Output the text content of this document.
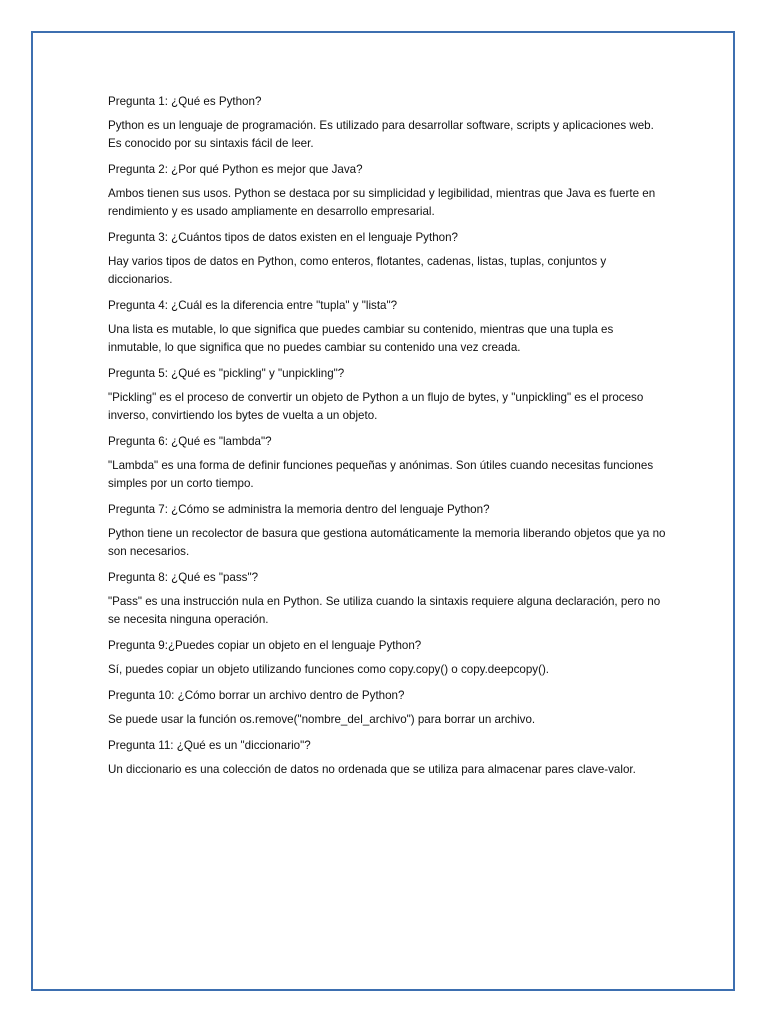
Pregunta 1: ¿Qué es Python?

Python es un lenguaje de programación. Es utilizado para desarrollar software, scripts y aplicaciones web. Es conocido por su sintaxis fácil de leer.

Pregunta 2: ¿Por qué Python es mejor que Java?

Ambos tienen sus usos. Python se destaca por su simplicidad y legibilidad, mientras que Java es fuerte en rendimiento y es usado ampliamente en desarrollo empresarial.

Pregunta 3: ¿Cuántos tipos de datos existen en el lenguaje Python?

Hay varios tipos de datos en Python, como enteros, flotantes, cadenas, listas, tuplas, conjuntos y diccionarios.

Pregunta 4: ¿Cuál es la diferencia entre "tupla" y "lista"?

Una lista es mutable, lo que significa que puedes cambiar su contenido, mientras que una tupla es inmutable, lo que significa que no puedes cambiar su contenido una vez creada.

Pregunta 5: ¿Qué es "pickling" y "unpickling"?

"Pickling" es el proceso de convertir un objeto de Python a un flujo de bytes, y "unpickling" es el proceso inverso, convirtiendo los bytes de vuelta a un objeto.

Pregunta 6: ¿Qué es "lambda"?

"Lambda" es una forma de definir funciones pequeñas y anónimas. Son útiles cuando necesitas funciones simples por un corto tiempo.

Pregunta 7: ¿Cómo se administra la memoria dentro del lenguaje Python?

Python tiene un recolector de basura que gestiona automáticamente la memoria liberando objetos que ya no son necesarios.

Pregunta 8: ¿Qué es "pass"?

"Pass" es una instrucción nula en Python. Se utiliza cuando la sintaxis requiere alguna declaración, pero no se necesita ninguna operación.

Pregunta 9:¿Puedes copiar un objeto en el lenguaje Python?

Sí, puedes copiar un objeto utilizando funciones como copy.copy() o copy.deepcopy().

Pregunta 10: ¿Cómo borrar un archivo dentro de Python?

Se puede usar la función os.remove("nombre_del_archivo") para borrar un archivo.

Pregunta 11: ¿Qué es un "diccionario"?

Un diccionario es una colección de datos no ordenada que se utiliza para almacenar pares clave-valor.
